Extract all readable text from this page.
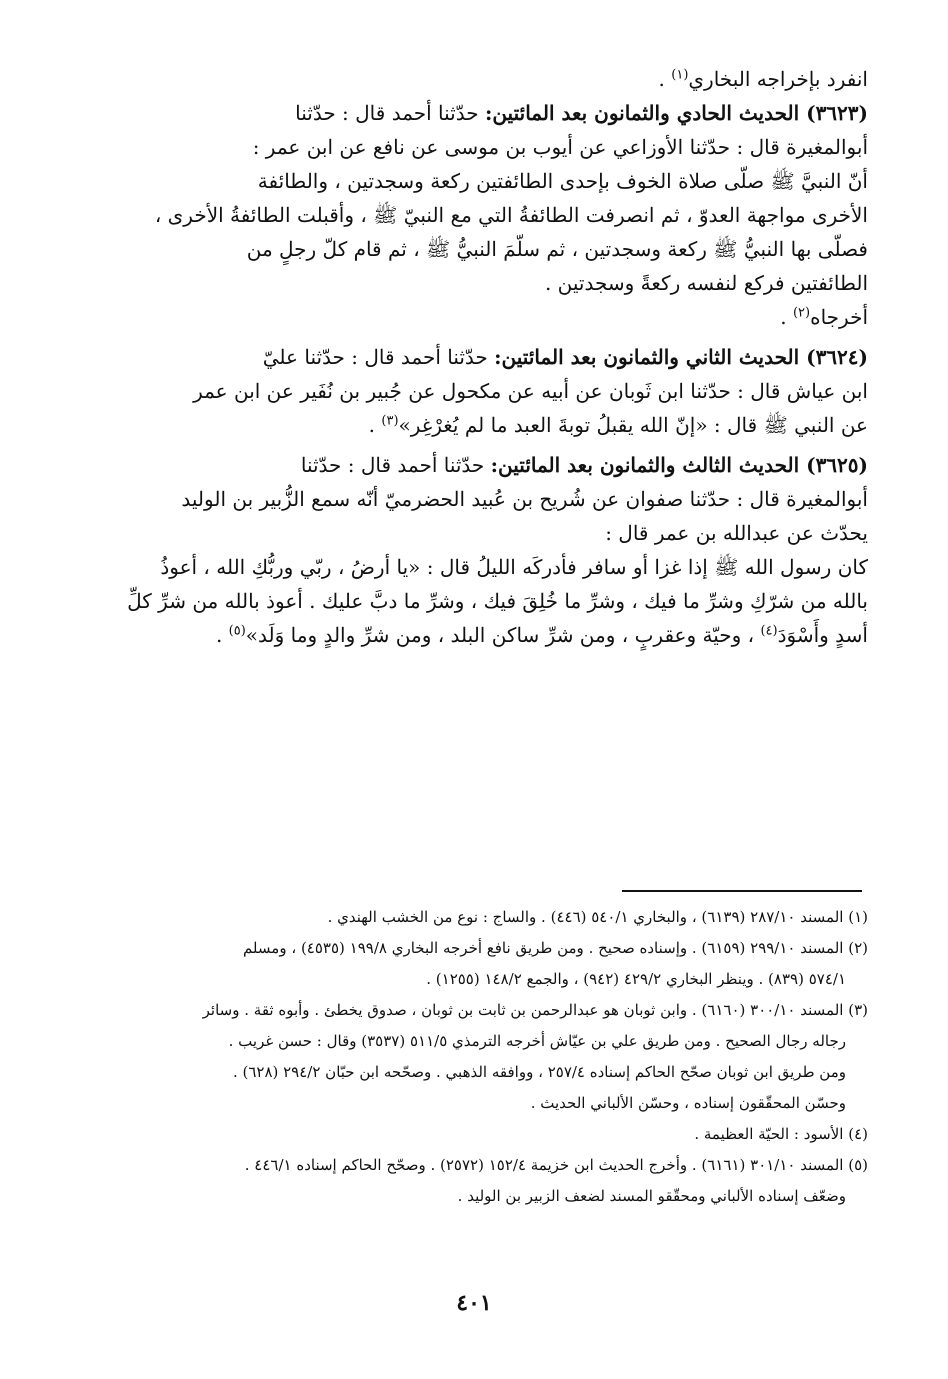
انفرد بإخراجه البخاري$^{(١)}$ .

(٣٦٢٣) الحديث الحادي والثمانون بعد المائتين: حدّثنا أحمد قال : حدّثنا

أبوالمغيرة قال : حدّثنا الأوزاعي عن أيوب بن موسى عن نافع عن ابن عمر :

أنّ النبيَّ ﷺ صلّى صلاة الخوف بإحدى الطائفتين ركعة وسجدتين ، والطائفة

الأخرى مواجهة العدوّ ، ثم انصرفت الطائفةُ التي مع النبيّ ﷺ ، وأقبلت الطائفةُ الأخرى ،

فصلّى بها النبيُّ ﷺ ركعة وسجدتين ، ثم سلّمَ النبيُّ ﷺ ، ثم قام كلّ رجلٍ من

الطائفتين فركع لنفسه ركعةً وسجدتين .

أخرجاه$^{(٢)}$ .

(٣٦٢٤) الحديث الثاني والثمانون بعد المائتين: حدّثنا أحمد قال : حدّثنا عليّ

ابن عياش قال : حدّثنا ابن ثَوبان عن أبيه عن مكحول عن جُبير بن نُفَير عن ابن عمر

عن النبي ﷺ قال : «إنّ الله يقبلُ توبةَ العبد ما لم يُغرْغِر»$^{(٣)}$ .

(٣٦٢٥) الحديث الثالث والثمانون بعد المائتين: حدّثنا أحمد قال : حدّثنا

أبوالمغيرة قال : حدّثنا صفوان عن شُريح بن عُبيد الحضرميّ أنّه سمع الزُّبير بن الوليد

يحدّث عن عبدالله بن عمر قال :

كان رسول الله ﷺ إذا غزا أو سافر فأدركَه الليلُ قال : «يا أرضُ ، ربّي وربُّكِ الله ، أعوذُ

بالله من شرّكِ وشرِّ ما فيك ، وشرِّ ما خُلِقَ فيك ، وشرِّ ما دبَّ عليك . أعوذ بالله من شرِّ كلِّ

أسدٍ وأَسْوَدَ$^{(٤)}$ ، وحيّة وعقربٍ ، ومن شرِّ ساكن البلد ، ومن شرِّ والدٍ وما وَلَد»$^{(٥)}$ .

(١) المسند ٢٨٧/١٠ (٦١٣٩) ، والبخاري ٥٤٠/١ (٤٤٦) . والساج : نوع من الخشب الهندي .

(٢) المسند ٢٩٩/١٠ (٦١٥٩) . وإسناده صحيح . ومن طريق نافع أخرجه البخاري ١٩٩/٨ (٤٥٣٥) ، ومسلم

٥٧٤/١ (٨٣٩) . وينظر البخاري ٤٢٩/٢ (٩٤٢) ، والجمع ١٤٨/٢ (١٢٥٥) .

(٣) المسند ٣٠٠/١٠ (٦١٦٠) . وابن ثوبان هو عبدالرحمن بن ثابت بن ثوبان ، صدوق يخطئ . وأبوه ثقة . وسائر

رجاله رجال الصحيح . ومن طريق علي بن عيّاش أخرجه الترمذي ٥١١/٥ (٣٥٣٧) وقال : حسن غريب .

ومن طريق ابن ثوبان صحّح الحاكم إسناده ٢٥٧/٤ ، ووافقه الذهبي . وصحّحه ابن حبّان ٢٩٤/٢ (٦٢٨) .

وحسّن المحقّقون إسناده ، وحسّن الألباني الحديث .

(٤) الأسود : الحيّة العظيمة .

(٥) المسند ٣٠١/١٠ (٦١٦١) . وأخرج الحديث ابن خزيمة ١٥٢/٤ (٢٥٧٢) . وصحّح الحاكم إسناده ٤٤٦/١ .

وضعّف إسناده الألباني ومحقّقو المسند لضعف الزبير بن الوليد .

٤٠١
